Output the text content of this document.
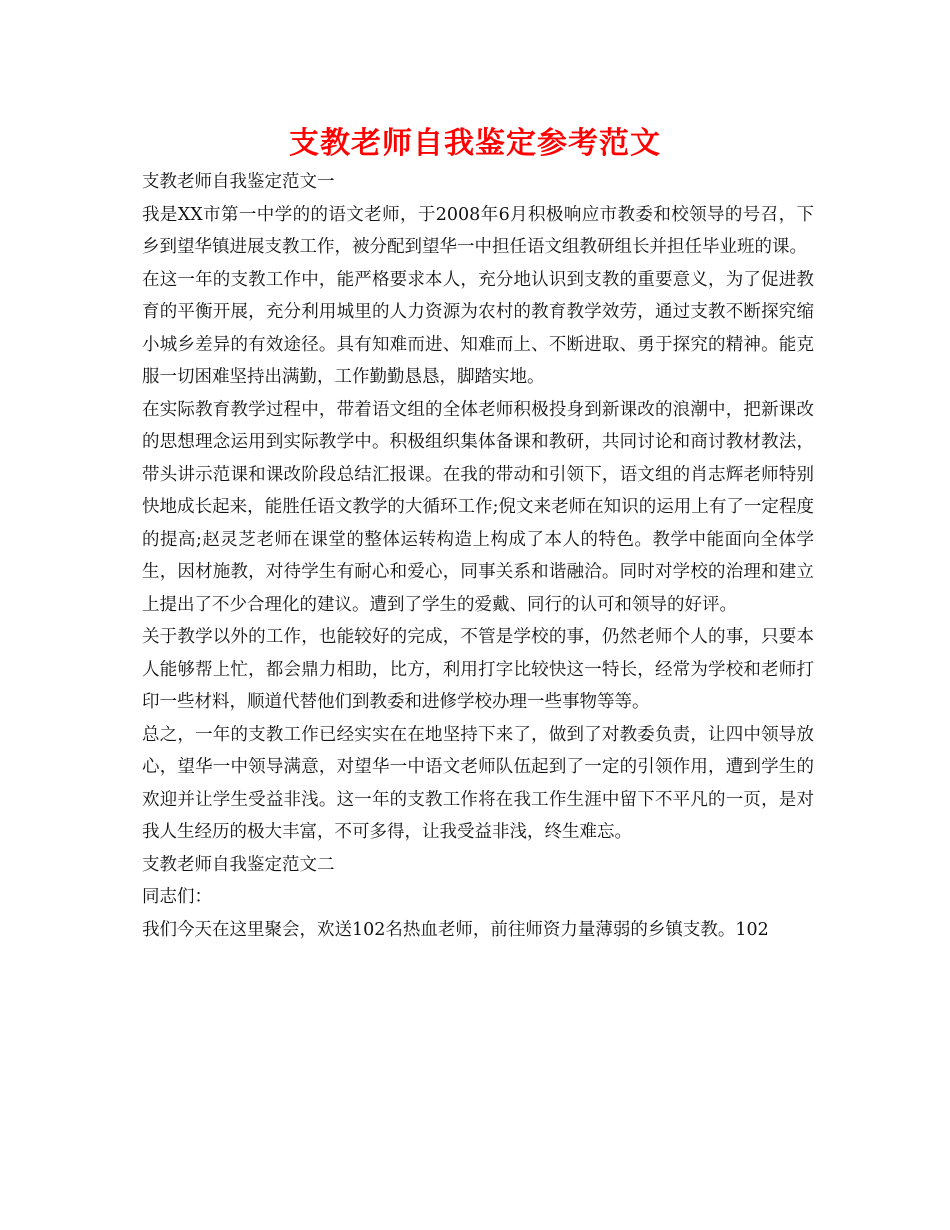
支教老师自我鉴定参考范文

支教老师自我鉴定范文一

我是XX市第一中学的的语文老师，于2008年6月积极响应市教委和校领导的号召，下乡到望华镇进展支教工作，被分配到望华一中担任语文组教研组长并担任毕业班的课。

在这一年的支教工作中，能严格要求本人，充分地认识到支教的重要意义，为了促进教育的平衡开展，充分利用城里的人力资源为农村的教育教学效劳，通过支教不断探究缩小城乡差异的有效途径。具有知难而进、知难而上、不断进取、勇于探究的精神。能克服一切困难坚持出满勤，工作勤勤恳恳，脚踏实地。

在实际教育教学过程中，带着语文组的全体老师积极投身到新课改的浪潮中，把新课改的思想理念运用到实际教学中。积极组织集体备课和教研，共同讨论和商讨教材教法，带头讲示范课和课改阶段总结汇报课。在我的带动和引领下，语文组的肖志辉老师特别快地成长起来，能胜任语文教学的大循环工作;倪文来老师在知识的运用上有了一定程度的提高;赵灵芝老师在课堂的整体运转构造上构成了本人的特色。教学中能面向全体学生，因材施教，对待学生有耐心和爱心，同事关系和谐融洽。同时对学校的治理和建立上提出了不少合理化的建议。遭到了学生的爱戴、同行的认可和领导的好评。

关于教学以外的工作，也能较好的完成，不管是学校的事，仍然老师个人的事，只要本人能够帮上忙，都会鼎力相助，比方，利用打字比较快这一特长，经常为学校和老师打印一些材料，顺道代替他们到教委和进修学校办理一些事物等等。

总之，一年的支教工作已经实实在在地坚持下来了，做到了对教委负责，让四中领导放心，望华一中领导满意，对望华一中语文老师队伍起到了一定的引领作用，遭到学生的欢迎并让学生受益非浅。这一年的支教工作将在我工作生涯中留下不平凡的一页，是对我人生经历的极大丰富，不可多得，让我受益非浅，终生难忘。

支教老师自我鉴定范文二

同志们：

我们今天在这里聚会，欢送102名热血老师，前往师资力量薄弱的乡镇支教。102
